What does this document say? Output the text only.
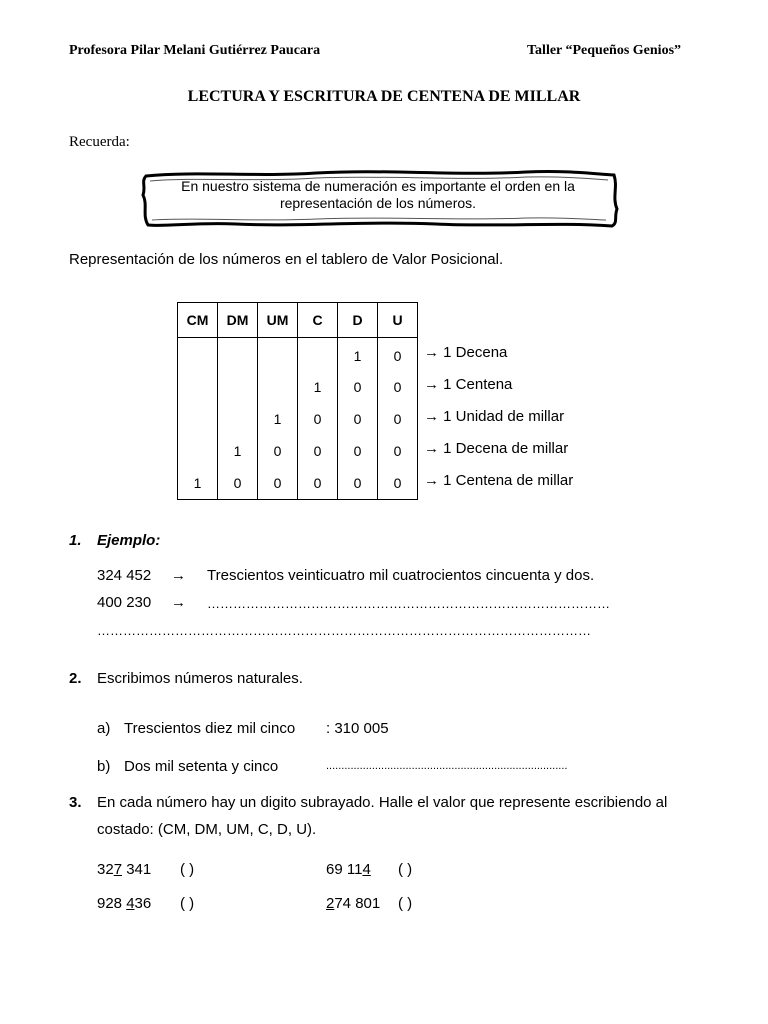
Profesora Pilar Melani Gutiérrez Paucara	Taller “Pequeños Genios”
LECTURA Y ESCRITURA DE CENTENA DE MILLAR
Recuerda:
En nuestro sistema de numeración es importante el orden en la representación de los números.
Representación de los números en el tablero de Valor Posicional.
CM	DM	UM	C	D	U
				1	0
			1	0	0
		1	0	0	0
	1	0	0	0	0
1	0	0	0	0	0
→ 1 Decena
→ 1 Centena
→ 1 Unidad de millar
→ 1 Decena de millar
→ 1 Centena de millar
1. Ejemplo:
324 452 → Trescientos veinticuatro mil cuatrocientos cincuenta y dos.
400 230 → …………………………………………………………………………………
……………………………………………………………………………………………………
2. Escribimos números naturales.
a) Trescientos diez mil cinco : 310 005
b) Dos mil setenta y cinco	...............................................................................
3. En cada número hay un digito subrayado. Halle el valor que represente escribiendo al
costado: (CM, DM, UM, C, D, U).
327 341 ( )	69 114 ( )
928 436 ( )	274 801 ( )
